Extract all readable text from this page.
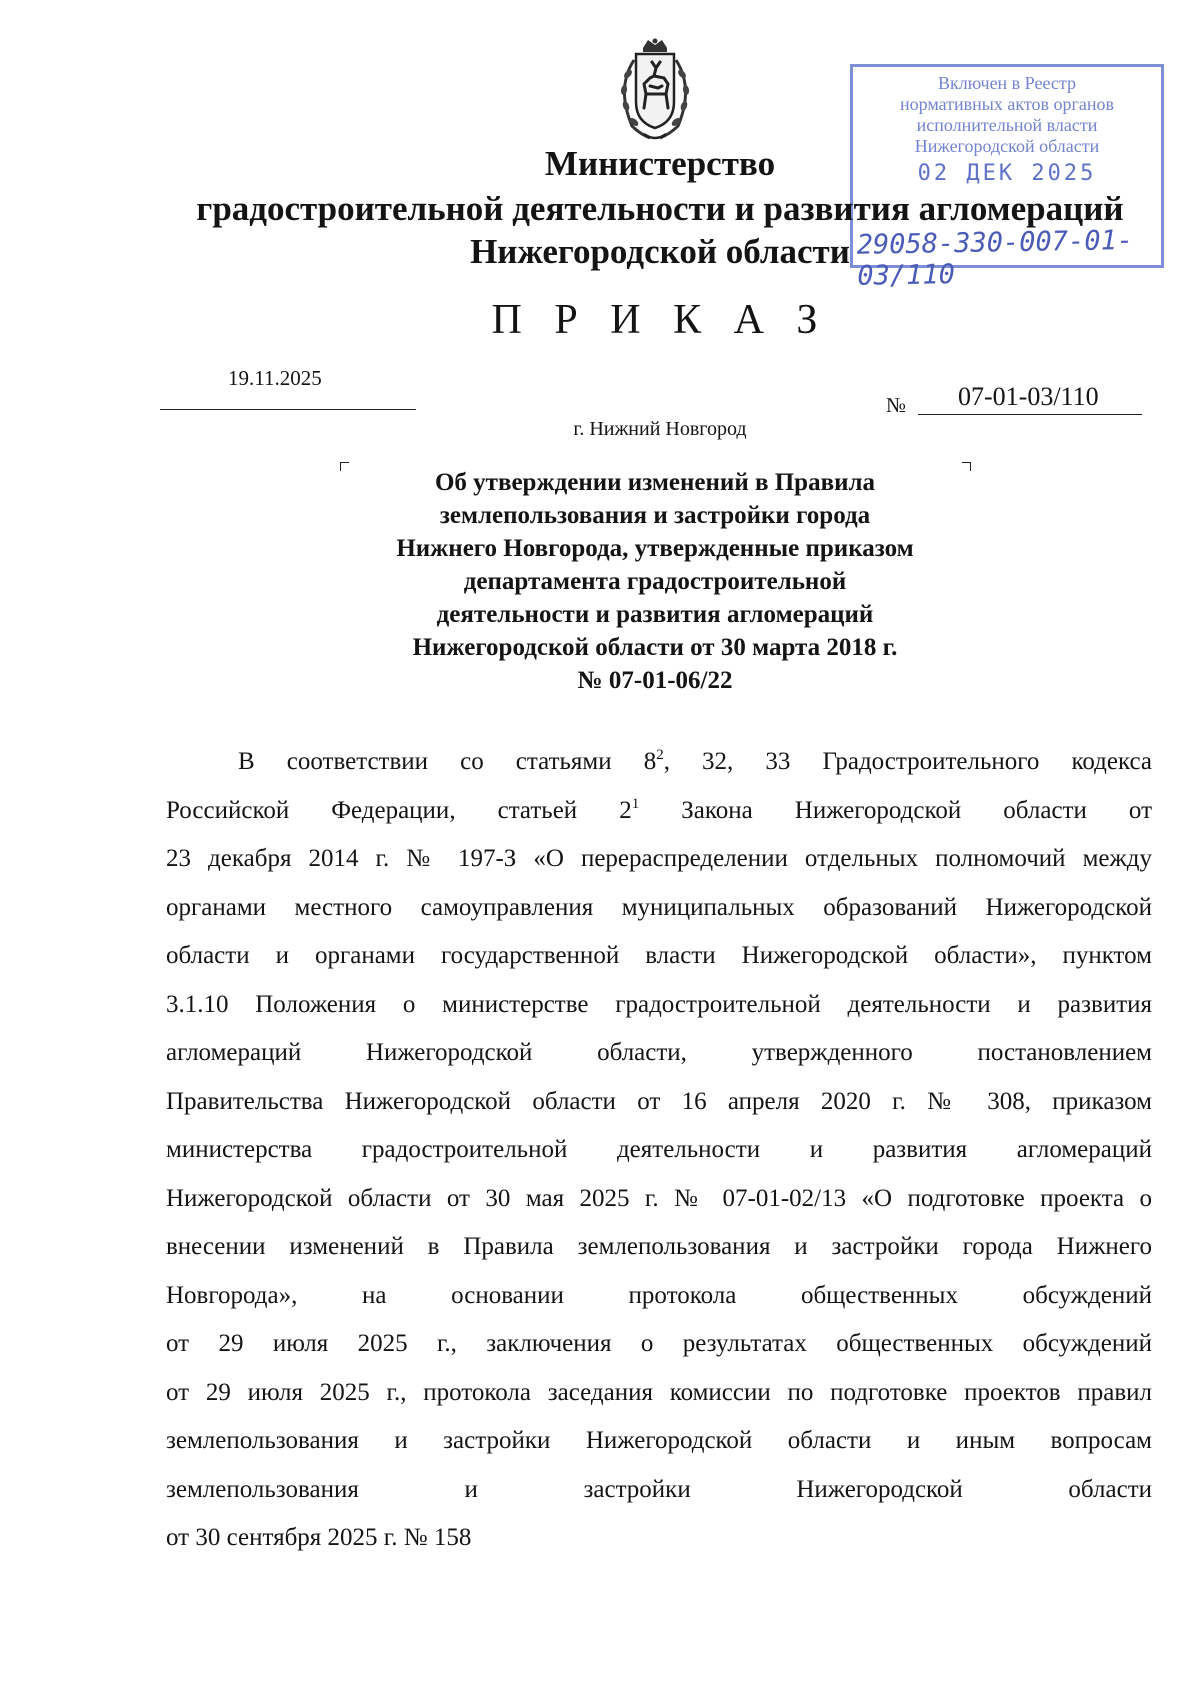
Включен в Реестр
нормативных актов органов
исполнительной власти
Нижегородской области
02 ДЕК 2025
29058-330-007-01-03/110
Министерство
градостроительной деятельности и развития агломераций
Нижегородской области
П Р И К А З
19.11.2025
№ 07-01-03/110
г. Нижний Новгород
Об утверждении изменений в Правила
землепользования и застройки города
Нижнего Новгорода, утвержденные приказом
департамента градостроительной
деятельности и развития агломераций
Нижегородской области от 30 марта 2018 г.
№ 07-01-06/22
В соответствии со статьями $8^2$, 32, 33 Градостроительного кодекса
Российской Федерации, статьей $2^1$ Закона Нижегородской области от
23 декабря 2014 г. № 197-З «О перераспределении отдельных полномочий между
органами местного самоуправления муниципальных образований Нижегородской
области и органами государственной власти Нижегородской области», пунктом
3.1.10 Положения о министерстве градостроительной деятельности и развития
агломераций Нижегородской области, утвержденного постановлением
Правительства Нижегородской области от 16 апреля 2020 г. № 308, приказом
министерства градостроительной деятельности и развития агломераций
Нижегородской области от 30 мая 2025 г. № 07-01-02/13 «О подготовке проекта о
внесении изменений в Правила землепользования и застройки города Нижнего
Новгорода», на основании протокола общественных обсуждений
от 29 июля 2025 г., заключения о результатах общественных обсуждений
от 29 июля 2025 г., протокола заседания комиссии по подготовке проектов правил
землепользования и застройки Нижегородской области и иным вопросам
землепользования и застройки Нижегородской области
от 30 сентября 2025 г. № 158
